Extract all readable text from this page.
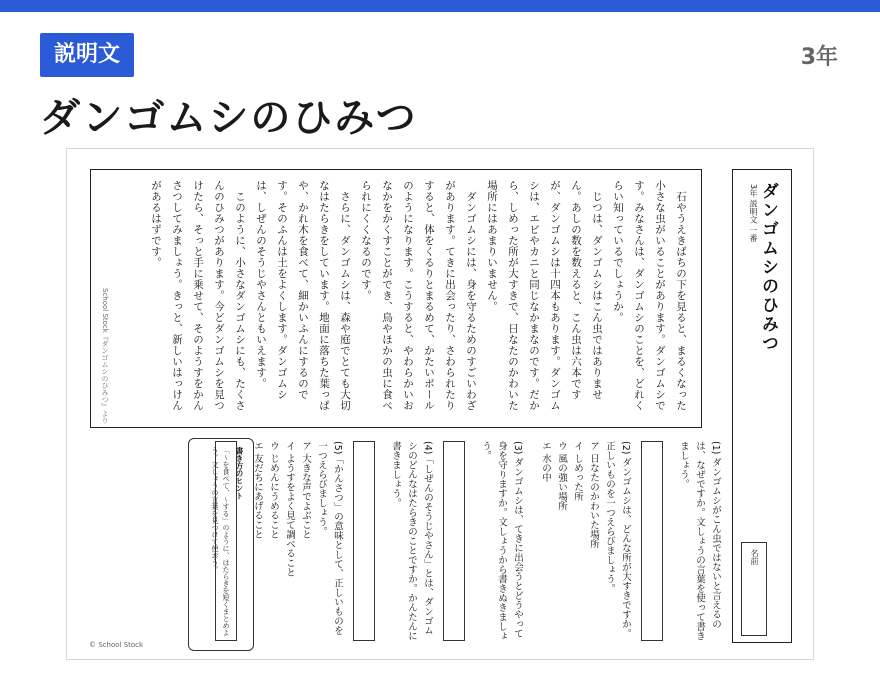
説明文	3年
ダンゴムシのひみつ

石やうえきばちの下を見ると、まるくなった小さな虫がいることがあります。ダンゴムシです。みなさんは、ダンゴムシのことを、どれくらい知っているでしょうか。

じつは、ダンゴムシはこん虫ではありません。あしの数を数えると、こん虫は六本ですが、ダンゴムシは十四本もあります。ダンゴムシは、エビやカニと同じなかまなのです。だから、しめった所が大すきで、日なたのかわいた場所にはあまりいません。

ダンゴムシには、身を守るためのすごいわざがあります。てきに出会ったり、さわられたりすると、体をくるりとまるめて、かたいボールのようになります。こうすると、やわらかいおなかをかくすことができ、鳥やほかの虫に食べられにくくなるのです。

さらに、ダンゴムシは、森や庭でとても大切なはたらきをしています。地面に落ちた葉っぱや、かれ木を食べて、細かいふんにするのです。そのふんは土をよくします。ダンゴムシは、しぜんのそうじやさんともいえます。

このように、小さなダンゴムシにも、たくさんのひみつがあります。今どダンゴムシを見つけたら、そっと手に乗せて、そのようすをかんさつしてみましょう。きっと、新しいはっけんがあるはずです。

School Stock『ダンゴムシのひみつ』より
ダンゴムシのひみつ
3年 説明文 一番
名前
(1) ダンゴムシがこん虫ではないと言えるのは、なぜですか。文しょうの言葉を使って書きましょう。
(2) ダンゴムシは、どんな所が大すきですか。正しいものを一つえらびましょう。
ア 日なたのかわいた場所
イ しめった所
ウ 風の強い場所
エ 水の中
(3) ダンゴムシは、てきに出会うとどうやって身を守りますか。文しょうから書きぬきましょう。
(4)「しぜんのそうじやさん」とは、ダンゴムシのどんなはたらきのことですか。かんたんに書きましょう。
(5)「かんさつ」の意味として、正しいものを一つえらびましょう。
ア 大きな声でよぶこと
イ ようすをよく見て調べること
ウ じめんにうめること
エ 友だちにあげること
書き方のヒント
「～を食べて、～する」のように、はたらきを短くまとめよう。文しょうの言葉を見つけて使おう。
© School Stock
